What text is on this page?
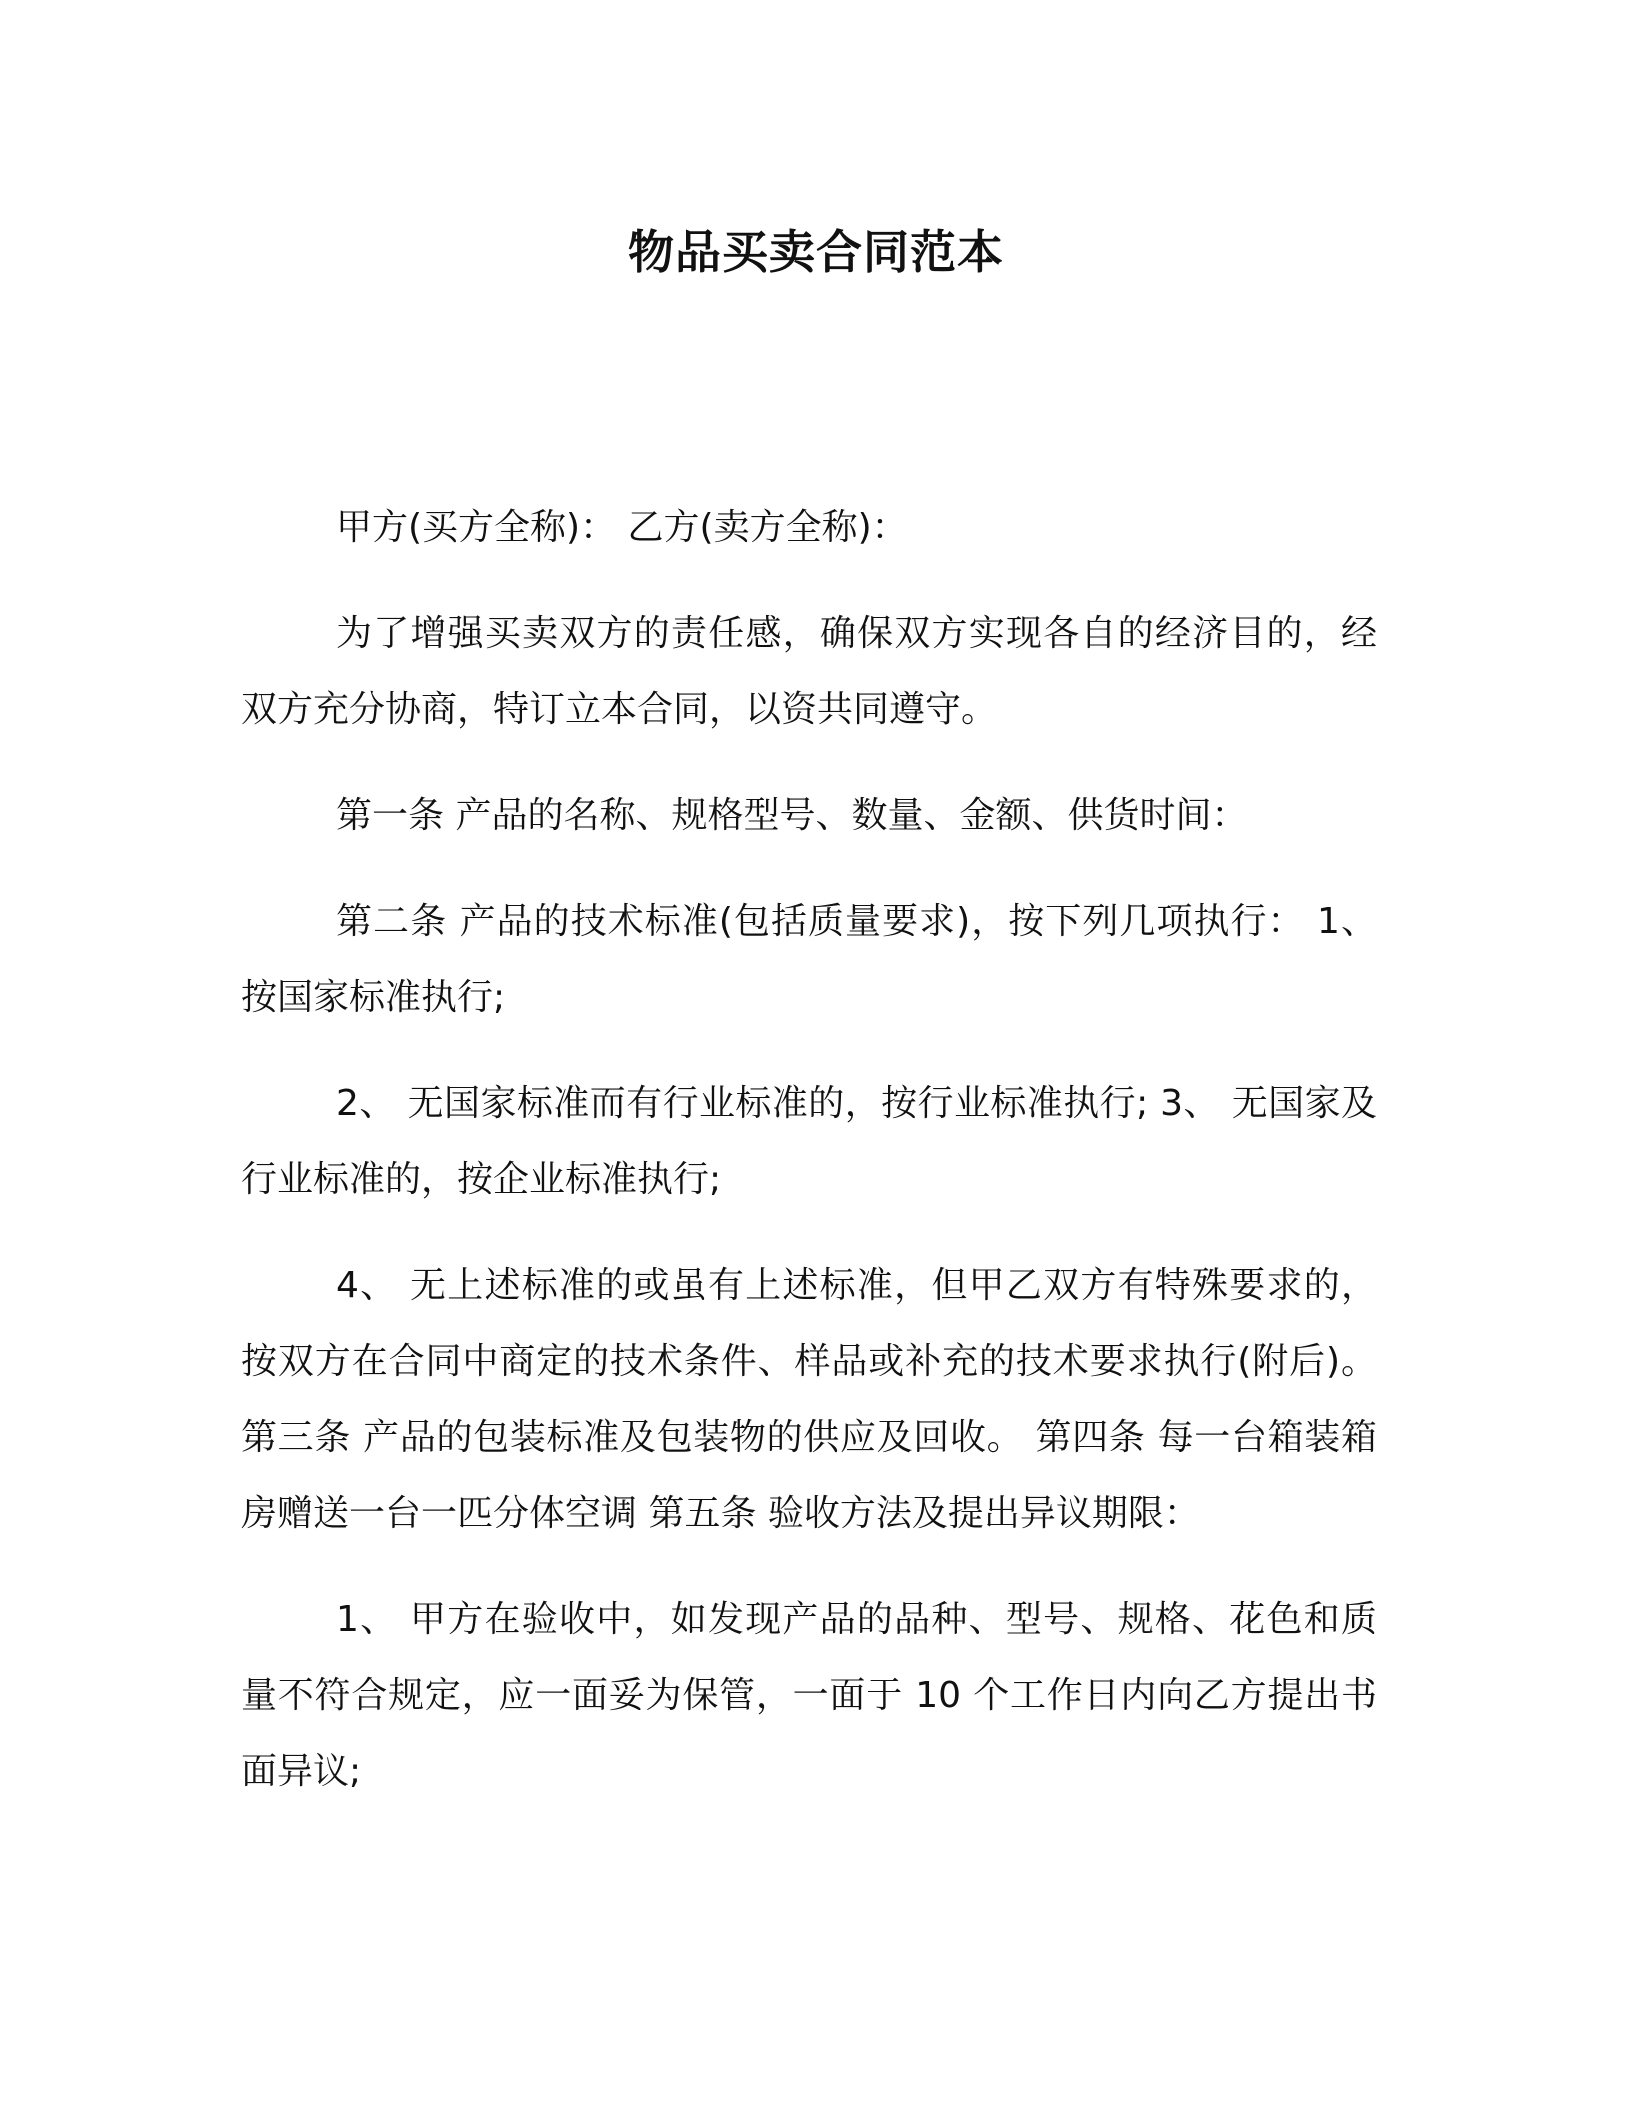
物品买卖合同范本

甲方(买方全称)： 乙方(卖方全称)：

为了增强买卖双方的责任感，确保双方实现各自的经济目的，经双方充分协商，特订立本合同，以资共同遵守。

第一条 产品的名称、规格型号、数量、金额、供货时间：

第二条 产品的技术标准(包括质量要求)，按下列几项执行： 1、按国家标准执行;

2、 无国家标准而有行业标准的，按行业标准执行; 3、 无国家及行业标准的，按企业标准执行;

4、 无上述标准的或虽有上述标准，但甲乙双方有特殊要求的，按双方在合同中商定的技术条件、样品或补充的技术要求执行(附后)。 第三条 产品的包装标准及包装物的供应及回收。 第四条 每一台箱装箱房赠送一台一匹分体空调 第五条 验收方法及提出异议期限：

1、 甲方在验收中，如发现产品的品种、型号、规格、花色和质量不符合规定，应一面妥为保管，一面于 10 个工作日内向乙方提出书面异议;
